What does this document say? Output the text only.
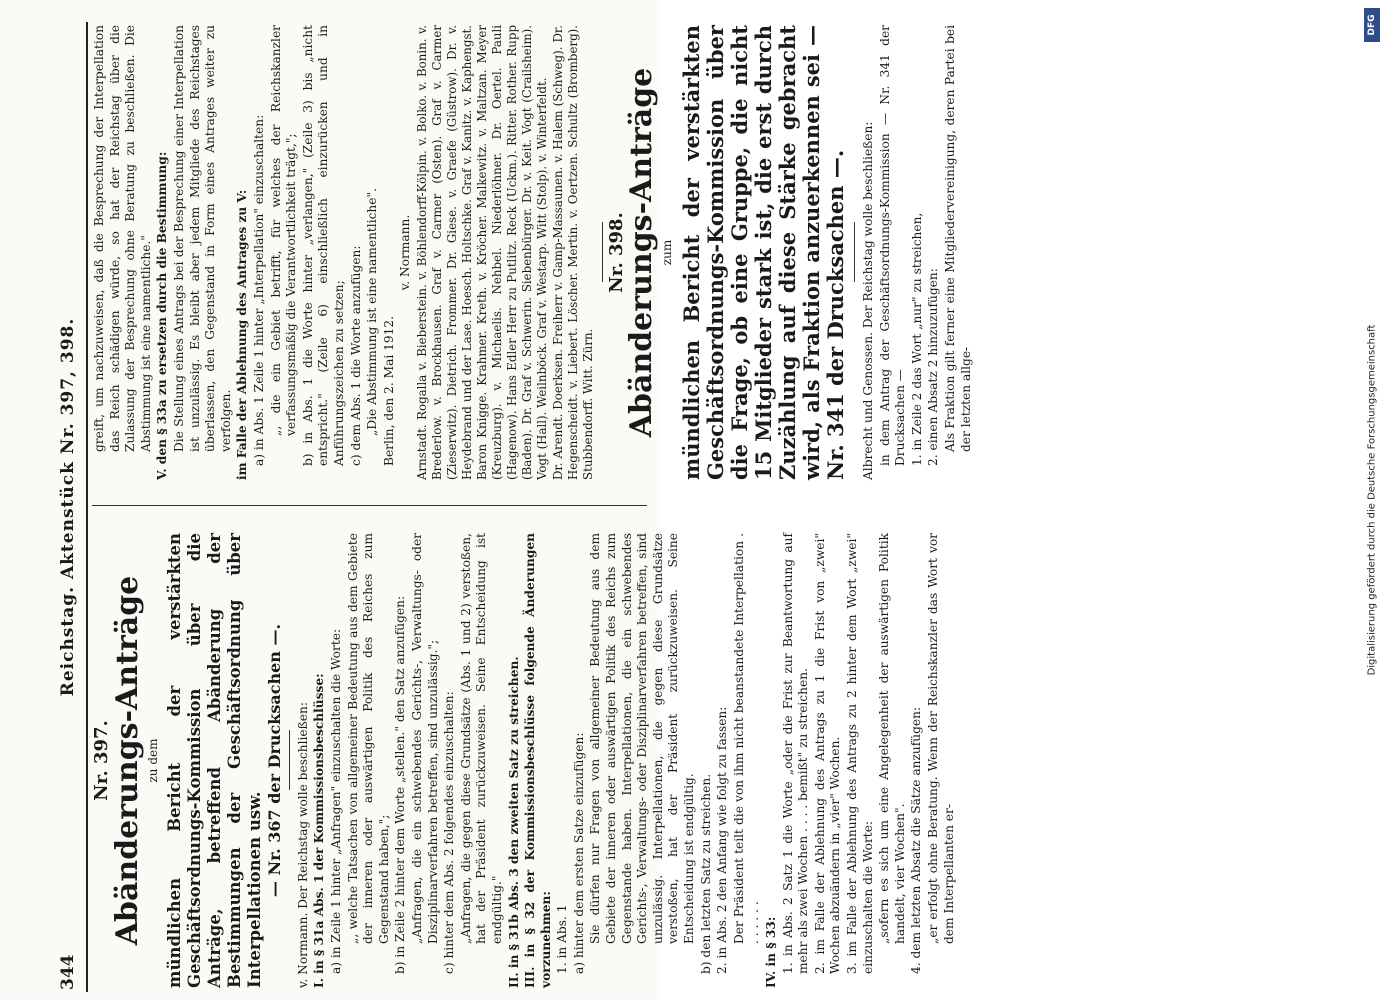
344
Reichstag. Aktenstück Nr. 397, 398.
Nr. 397.
Abänderungs-Anträge zu dem mündlichen Bericht der verstärkten Geschäftsordnungs-Kommission über die Anträge, betreffend Abänderung der Bestimmungen der Geschäftsordnung über Interpellationen usw. — Nr. 367 der Drucksachen —. v. Normann. Der Reichstag wolle beschließen: I. in § 31a Abs. 1 der Kommissionsbeschlüsse: a) in Zeile 1 hinter „Anfragen" einzuschalten die Worte: „, welche Tatsachen von allgemeiner Bedeutung aus dem Gebiete der inneren oder auswärtigen Politik des Reiches zum Gegenstand haben,"; b) in Zeile 2 hinter dem Worte „stellen." den Satz anzufügen: „Anfragen, die ein schwebendes Gerichts-, Verwaltungs- oder Disziplinarverfahren betreffen, sind unzulässig."; c) hinter dem Abs. 2 folgendes einzuschalten: „Anfragen, die gegen diese Grundsätze (Abs. 1 und 2) verstoßen, hat der Präsident zurückzuweisen. Seine Entscheidung ist endgültig." II. in § 31b Abs. 3 den zweiten Satz zu streichen. III. in § 32 der Kommissionsbeschlüsse folgende Änderungen vorzunehmen: 1. in Abs. 1 a) hinter dem ersten Satze einzufügen: Sie dürfen nur Fragen von allgemeiner Bedeutung aus dem Gebiete der inneren oder auswärtigen Politik des Reichs zum Gegenstande haben. Interpellationen, die ein schwebendes Gerichts-, Verwaltungs- oder Disziplinarverfahren betreffen, sind unzulässig. Interpellationen, die gegen diese Grundsätze verstoßen, hat der Präsident zurückzuweisen. Seine Entscheidung ist endgültig. b) den letzten Satz zu streichen. 2. in Abs. 2 den Anfang wie folgt zu fassen: Der Präsident teilt die von ihm nicht beanstandete Interpellation . . . . . . . IV. in § 33: 1. in Abs. 2 Satz 1 die Worte „oder die Frist zur Beantwortung auf mehr als zwei Wochen . . . . bemißt" zu streichen. 2. im Falle der Ablehnung des Antrags zu 1 die Frist von „zwei" Wochen abzuändern in „vier" Wochen. 3. im Falle der Ablehnung des Antrags zu 2 hinter dem Wort „zwei" einzuschalten die Worte: „sofern es sich um eine Angelegenheit der auswärtigen Politik handelt, vier Wochen". 4. dem letzten Absatz die Sätze anzufügen: „er erfolgt ohne Beratung. Wenn der Reichskanzler das Wort vor dem Interpellanten er-

greift, um nachzuweisen, daß die Besprechung der Interpellation das Reich schädigen würde, so hat der Reichstag über die Zulassung der Besprechung ohne Beratung zu beschließen. Die Abstimmung ist eine namentliche." V. den § 33a zu ersetzen durch die Bestimmung: Die Stellung eines Antrags bei der Besprechung einer Interpellation ist unzulässig. Es bleibt aber jedem Mitgliede des Reichstages überlassen, den Gegenstand in Form eines Antrages weiter zu verfolgen. im Falle der Ablehnung des Antrages zu V: a) in Abs. 1 Zeile 1 hinter „Interpellation" einzuschalten: „, die ein Gebiet betrifft, für welches der Reichskanzler verfassungsmäßig die Verantwortlichkeit trägt,"; b) in Abs. 1 die Worte hinter „verlangen," (Zeile 3) bis „nicht entspricht." (Zeile 6) einschließlich einzurücken und in Anführungszeichen zu setzen; c) dem Abs. 1 die Worte anzufügen: „Die Abstimmung ist eine namentliche". Berlin, den 2. Mai 1912.

v. Normann. Arnstadt. Rogalla v. Bieberstein. v. Böhlendorff-Kölpin. v. Bolko. v. Bonin. v. Brederlow. v. Brockhausen. Graf v. Carmer (Osten). Graf v. Carmer (Zieserwitz). Dietrich. Frommer. Dr. Giese. v. Graefe (Güstrow). Dr. v. Heydebrand und der Lase. Hoesch. Holtschke. Graf v. Kanitz. v. Kaphengst. Baron Knigge. Krahmer. Kreth. v. Kröcher. Malkewitz. v. Maltzan. Meyer (Kreuzburg). v. Michaelis. Nehbel. Niederlöhner. Dr. Oertel. Pauli (Hagenow). Hans Edler Herr zu Putlitz. Reck (Uckm.). Ritter. Rother. Rupp (Baden). Dr. Graf v. Schwerin. Siebenbürger. Dr. v. Keit. Vogt (Crailsheim). Vogt (Hall). Weilnböck. Graf v. Westarp. Witt (Stolp). v. Winterfeldt. Dr. Arendt. Doerksen. Freiherr v. Gamp-Massaunen. v. Halem (Schweg). Dr. Hegenscheidt. v. Liebert. Löscher. Mertin. v. Oertzen. Schultz (Bromberg). Stubbendorff. Witt. Zürn.

Nr. 398.
Abänderungs-Anträge zum mündlichen Bericht der verstärkten Geschäftsordnungs-Kommission über die Frage, ob eine Gruppe, die nicht 15 Mitglieder stark ist, die erst durch Zuzählung auf diese Stärke gebracht wird, als Fraktion anzuerkennen sei — Nr. 341 der Drucksachen —. Albrecht und Genossen. Der Reichstag wolle beschließen: in dem Antrag der Geschäftsordnungs-Kommission — Nr. 341 der Drucksachen — 1. in Zeile 2 das Wort „nur" zu streichen, 2. einen Absatz 2 hinzuzufügen: Als Fraktion gilt ferner eine Mitgliedervereinigung, deren Partei bei der letzten allge-

DFG
Digitalisierung gefördert durch die Deutsche Forschungsgemeinschaft
